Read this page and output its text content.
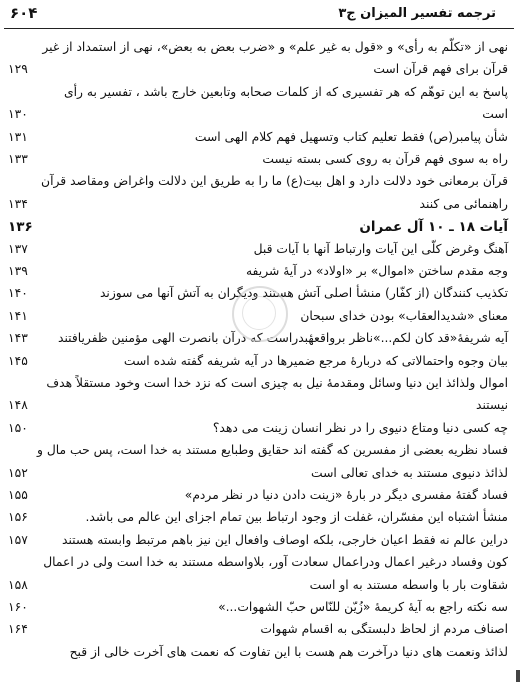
ترجمه تفسیر المیزان ج۳
۶۰۴
نهی از «تکلّم به رأی» و «قول به غیر علم» و «ضرب بعض به بعض»، نهی از استمداد از غیر
قرآن برای فهم قرآن است
۱۲۹
پاسخ به این توهّم که هر تفسیری که از کلمات صحابه وتابعین خارج باشد ، تفسیر به رأی
است
۱۳۰
شأن پیامبر(ص) فقط تعلیم کتاب وتسهیل فهم کلام الهی است
۱۳۱
راه به سوی فهم قرآن به روی کسی بسته نیست
۱۳۳
قرآن برمعانی خود دلالت دارد و اهل بیت(ع) ما را به طریق این دلالت واغراض ومقاصد قرآن
راهنمائی می کنند
۱۳۴
آیات ۱۸ ـ ۱۰ آل عمران
۱۳۶
آهنگ وغرض کلّی این آیات وارتباط آنها با آیات قبل
۱۳۷
وجه مقدم ساختن «اموال» بر «اولاد» در آیهٔ شریفه
۱۳۹
تکذیب کنندگان (از کفّار) منشأ اصلی آتش هستند ودیگران به آتش آنها می سوزند
۱۴۰
معنای «شدیدالعقاب» بودن خدای سبحان
۱۴۱
آیه شریفهٔ«قد کان لکم...»ناظر برواقعهٔبدراست که درآن بانصرت الهی مؤمنین ظفریافتند
۱۴۳
بیان وجوه واحتمالاتی که دربارهٔ مرجع ضمیرها در آیه شریفه گفته شده است
۱۴۵
اموال ولذائذ این دنیا وسائل ومقدمهٔ نیل به چیزی است که نزد خدا است وخود مستقلاً هدف
نیستند
۱۴۸
چه کسی دنیا ومتاع دنیوی را در نظر انسان زینت می دهد؟
۱۵۰
فساد نظریه بعضی از مفسرین که گفته اند حقایق وطبایع مستند به خدا است، پس حب مال و
لذائذ دنیوی مستند به خدای تعالی است
۱۵۲
فساد گفتهٔ مفسری دیگر در بارهٔ «زینت دادن دنیا در نظر مردم»
۱۵۵
منشأ اشتباه این مفسّران، غفلت از وجود ارتباط بین تمام اجزای این عالم می باشد.
۱۵۶
دراین عالم نه فقط اعیان خارجی، بلکه اوصاف وافعال این نیز باهم مرتبط وابسته هستند
۱۵۷
کون وفساد درغیر اعمال ودراعمال سعادت آور، بلاواسطه مستند به خدا است ولی در اعمال
شقاوت بار با واسطه مستند به او است
۱۵۸
سه نکته راجع به آیهٔ کریمهٔ «زُیّن للنّاس حبّ الشهوات...»
۱۶۰
اصناف مردم از لحاظ دلبستگی به اقسام شهوات
۱۶۴
لذائذ ونعمت های دنیا درآخرت هم هست با این تفاوت که نعمت های آخرت خالی از قبح
